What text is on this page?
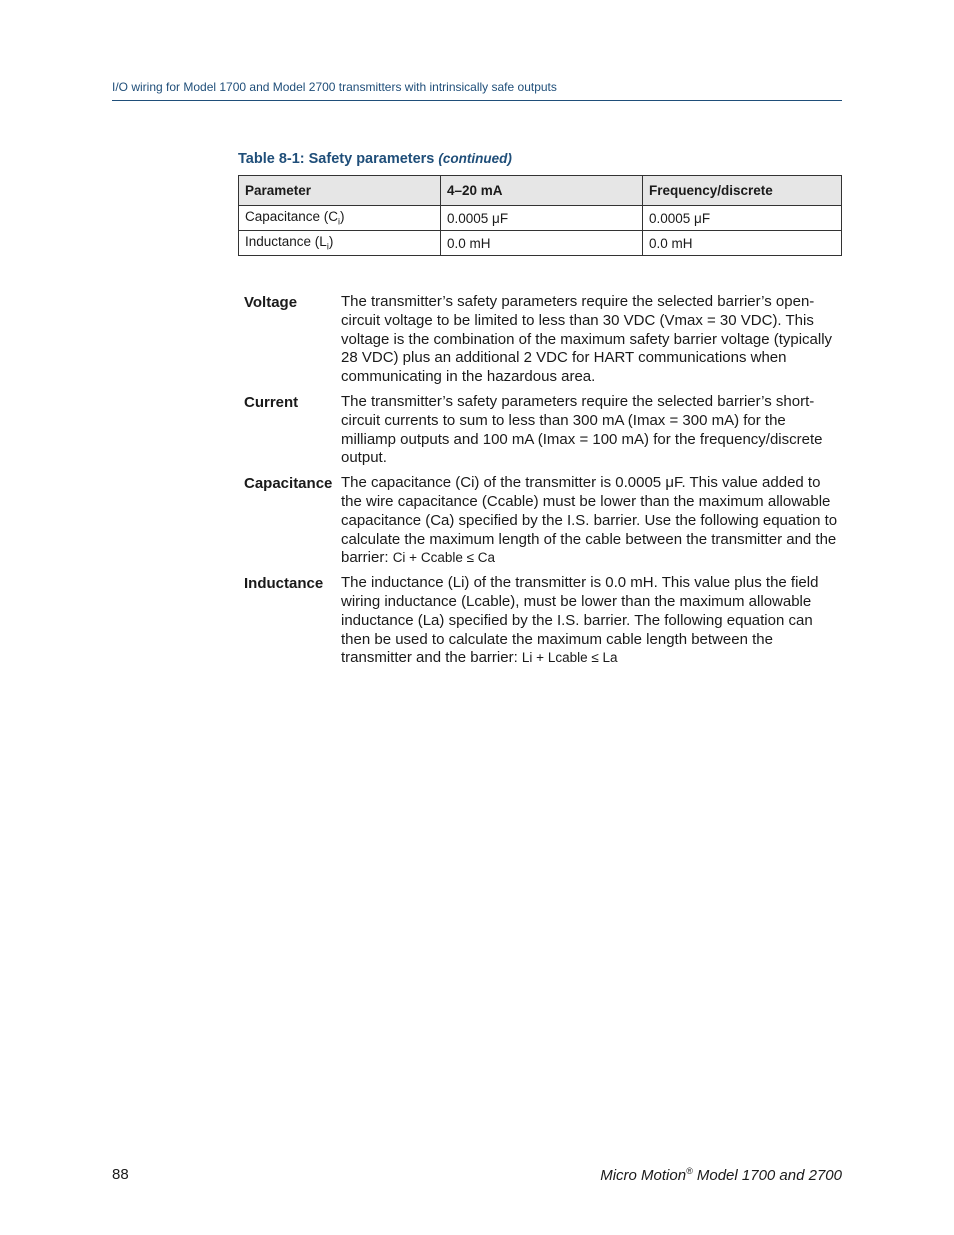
I/O wiring for Model 1700 and Model 2700 transmitters with intrinsically safe outputs
Table 8-1: Safety parameters (continued)
Parameter	4–20 mA	Frequency/discrete
Capacitance $(C_i)$	0.0005 μF	0.0005 μF
Inductance $(L_i)$	0.0 mH	0.0 mH
Voltage	The transmitter’s safety parameters require the selected barrier’s open-circuit voltage to be limited to less than 30 VDC (Vmax = 30 VDC). This voltage is the combination of the maximum safety barrier voltage (typically 28 VDC) plus an additional 2 VDC for HART communications when communicating in the hazardous area.
Current	The transmitter’s safety parameters require the selected barrier’s short-circuit currents to sum to less than 300 mA (Imax = 300 mA) for the milliamp outputs and 100 mA (Imax = 100 mA) for the frequency/discrete output.
Capacitance The capacitance (Ci) of the transmitter is 0.0005 μF. This value added to the wire capacitance (Ccable) must be lower than the maximum allowable capacitance (Ca) specified by the I.S. barrier. Use the following equation to calculate the maximum length of the cable between the transmitter and the barrier: Ci + Ccable ≤ Ca
Inductance	The inductance (Li) of the transmitter is 0.0 mH. This value plus the field wiring inductance (Lcable), must be lower than the maximum allowable inductance (La) specified by the I.S. barrier. The following equation can then be used to calculate the maximum cable length between the transmitter and the barrier: Li + Lcable ≤ La
88	Micro Motion® Model 1700 and 2700
